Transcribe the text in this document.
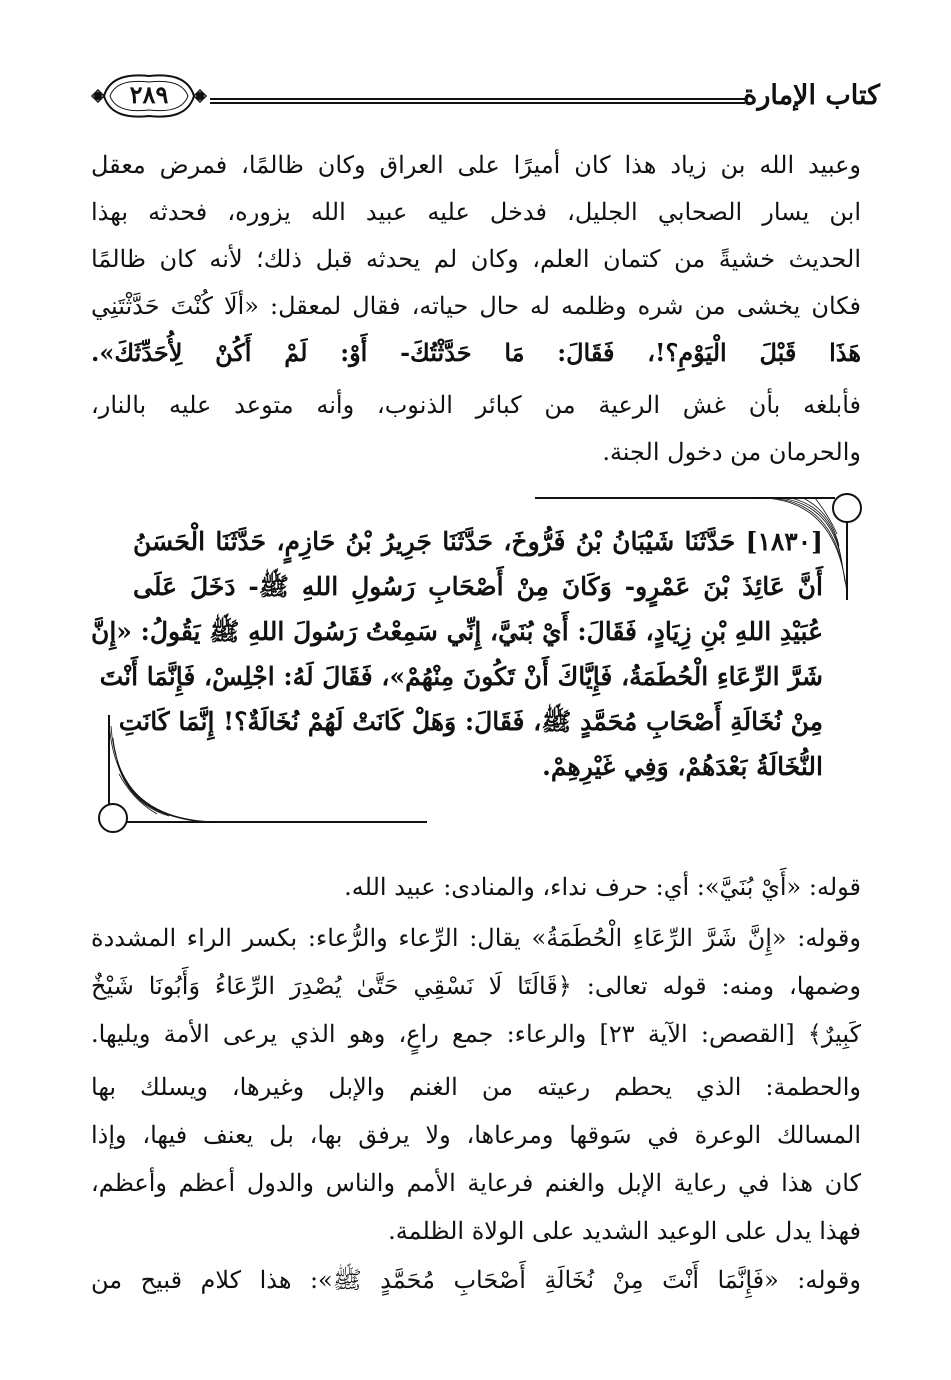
كتاب الإمارة
٢٨٩
وعبيد الله بن زياد هذا كان أميرًا على العراق وكان ظالمًا، فمرض معقل
ابن يسار الصحابي الجليل، فدخل عليه عبيد الله يزوره، فحدثه بهذا
الحديث خشيةً من كتمان العلم، وكان لم يحدثه قبل ذلك؛ لأنه كان ظالمًا
فكان يخشى من شره وظلمه له حال حياته، فقال لمعقل: «ألَا كُنْتَ حَدَّثْتَنِي
هَذَا قَبْلَ الْيَوْمِ؟!، فَقَالَ: مَا حَدَّثْتُكَ- أَوْ: لَمْ أَكُنْ لِأُحَدِّثَكَ».
فأبلغه بأن غش الرعية من كبائر الذنوب، وأنه متوعد عليه بالنار،
والحرمان من دخول الجنة.
[١٨٣٠] حَدَّثَنَا شَيْبَانُ بْنُ فَرُّوخَ، حَدَّثَنَا جَرِيرُ بْنُ حَازِمٍ، حَدَّثَنَا الْحَسَنُ
أَنَّ عَائِذَ بْنَ عَمْرٍو- وَكَانَ مِنْ أَصْحَابِ رَسُولِ اللهِ ﷺ- دَخَلَ عَلَى
عُبَيْدِ اللهِ بْنِ زِيَادٍ، فَقَالَ: أَيْ بُنَيَّ، إِنِّي سَمِعْتُ رَسُولَ اللهِ ﷺ يَقُولُ: «إِنَّ
شَرَّ الرِّعَاءِ الْحُطَمَةُ، فَإِيَّاكَ أَنْ تَكُونَ مِنْهُمْ»، فَقَالَ لَهُ: اجْلِسْ، فَإِنَّمَا أَنْتَ
مِنْ نُخَالَةِ أَصْحَابِ مُحَمَّدٍ ﷺ، فَقَالَ: وَهَلْ كَانَتْ لَهُمْ نُخَالَةٌ؟! إِنَّمَا كَانَتِ
النُّخَالَةُ بَعْدَهُمْ، وَفِي غَيْرِهِمْ.
قوله: «أَيْ بُنَيَّ»: أي: حرف نداء، والمنادى: عبيد الله.
وقوله: «إِنَّ شَرَّ الرِّعَاءِ الْحُطَمَةُ» يقال: الرِّعاء والرُّعاء: بكسر الراء المشددة
وضمها، ومنه: قوله تعالى: ﴿قَالَتَا لَا نَسْقِي حَتَّىٰ يُصْدِرَ الرِّعَاءُ وَأَبُونَا شَيْخٌ
كَبِيرٌ﴾ [القصص: الآية ٢٣] والرعاء: جمع راعٍ، وهو الذي يرعى الأمة ويليها.
والحطمة: الذي يحطم رعيته من الغنم والإبل وغيرها، ويسلك بها
المسالك الوعرة في سَوقها ومرعاها، ولا يرفق بها، بل يعنف فيها، وإذا
كان هذا في رعاية الإبل والغنم فرعاية الأمم والناس والدول أعظم وأعظم،
فهذا يدل على الوعيد الشديد على الولاة الظلمة.
وقوله: «فَإِنَّمَا أَنْتَ مِنْ نُخَالَةِ أَصْحَابِ مُحَمَّدٍ ﷺ»: هذا كلام قبيح من
